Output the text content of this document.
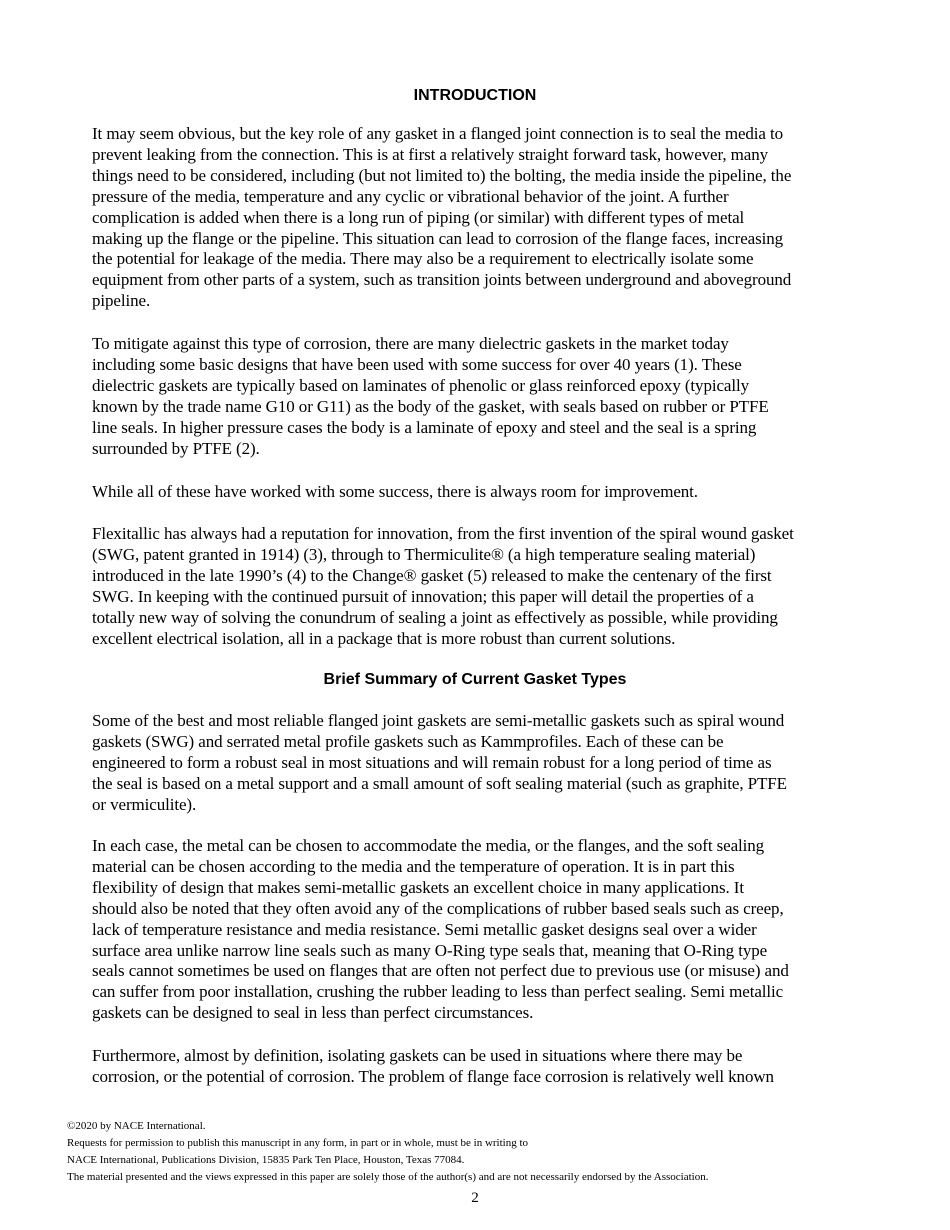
INTRODUCTION

It may seem obvious, but the key role of any gasket in a flanged joint connection is to seal the media to
prevent leaking from the connection. This is at first a relatively straight forward task, however, many
things need to be considered, including (but not limited to) the bolting, the media inside the pipeline, the
pressure of the media, temperature and any cyclic or vibrational behavior of the joint. A further
complication is added when there is a long run of piping (or similar) with different types of metal
making up the flange or the pipeline. This situation can lead to corrosion of the flange faces, increasing
the potential for leakage of the media. There may also be a requirement to electrically isolate some
equipment from other parts of a system, such as transition joints between underground and aboveground
pipeline.

To mitigate against this type of corrosion, there are many dielectric gaskets in the market today
including some basic designs that have been used with some success for over 40 years (1). These
dielectric gaskets are typically based on laminates of phenolic or glass reinforced epoxy (typically
known by the trade name G10 or G11) as the body of the gasket, with seals based on rubber or PTFE
line seals. In higher pressure cases the body is a laminate of epoxy and steel and the seal is a spring
surrounded by PTFE (2).

While all of these have worked with some success, there is always room for improvement.

Flexitallic has always had a reputation for innovation, from the first invention of the spiral wound gasket
(SWG, patent granted in 1914) (3), through to Thermiculite® (a high temperature sealing material)
introduced in the late 1990’s (4) to the Change® gasket (5) released to make the centenary of the first
SWG. In keeping with the continued pursuit of innovation; this paper will detail the properties of a
totally new way of solving the conundrum of sealing a joint as effectively as possible, while providing
excellent electrical isolation, all in a package that is more robust than current solutions.

Brief Summary of Current Gasket Types

Some of the best and most reliable flanged joint gaskets are semi-metallic gaskets such as spiral wound
gaskets (SWG) and serrated metal profile gaskets such as Kammprofiles. Each of these can be
engineered to form a robust seal in most situations and will remain robust for a long period of time as
the seal is based on a metal support and a small amount of soft sealing material (such as graphite, PTFE
or vermiculite).

In each case, the metal can be chosen to accommodate the media, or the flanges, and the soft sealing
material can be chosen according to the media and the temperature of operation. It is in part this
flexibility of design that makes semi-metallic gaskets an excellent choice in many applications. It
should also be noted that they often avoid any of the complications of rubber based seals such as creep,
lack of temperature resistance and media resistance. Semi metallic gasket designs seal over a wider
surface area unlike narrow line seals such as many O-Ring type seals that, meaning that O-Ring type
seals cannot sometimes be used on flanges that are often not perfect due to previous use (or misuse) and
can suffer from poor installation, crushing the rubber leading to less than perfect sealing. Semi metallic
gaskets can be designed to seal in less than perfect circumstances.

Furthermore, almost by definition, isolating gaskets can be used in situations where there may be
corrosion, or the potential of corrosion. The problem of flange face corrosion is relatively well known

©2020 by NACE International.
Requests for permission to publish this manuscript in any form, in part or in whole, must be in writing to
NACE International, Publications Division, 15835 Park Ten Place, Houston, Texas 77084.
The material presented and the views expressed in this paper are solely those of the author(s) and are not necessarily endorsed by the Association.
2
